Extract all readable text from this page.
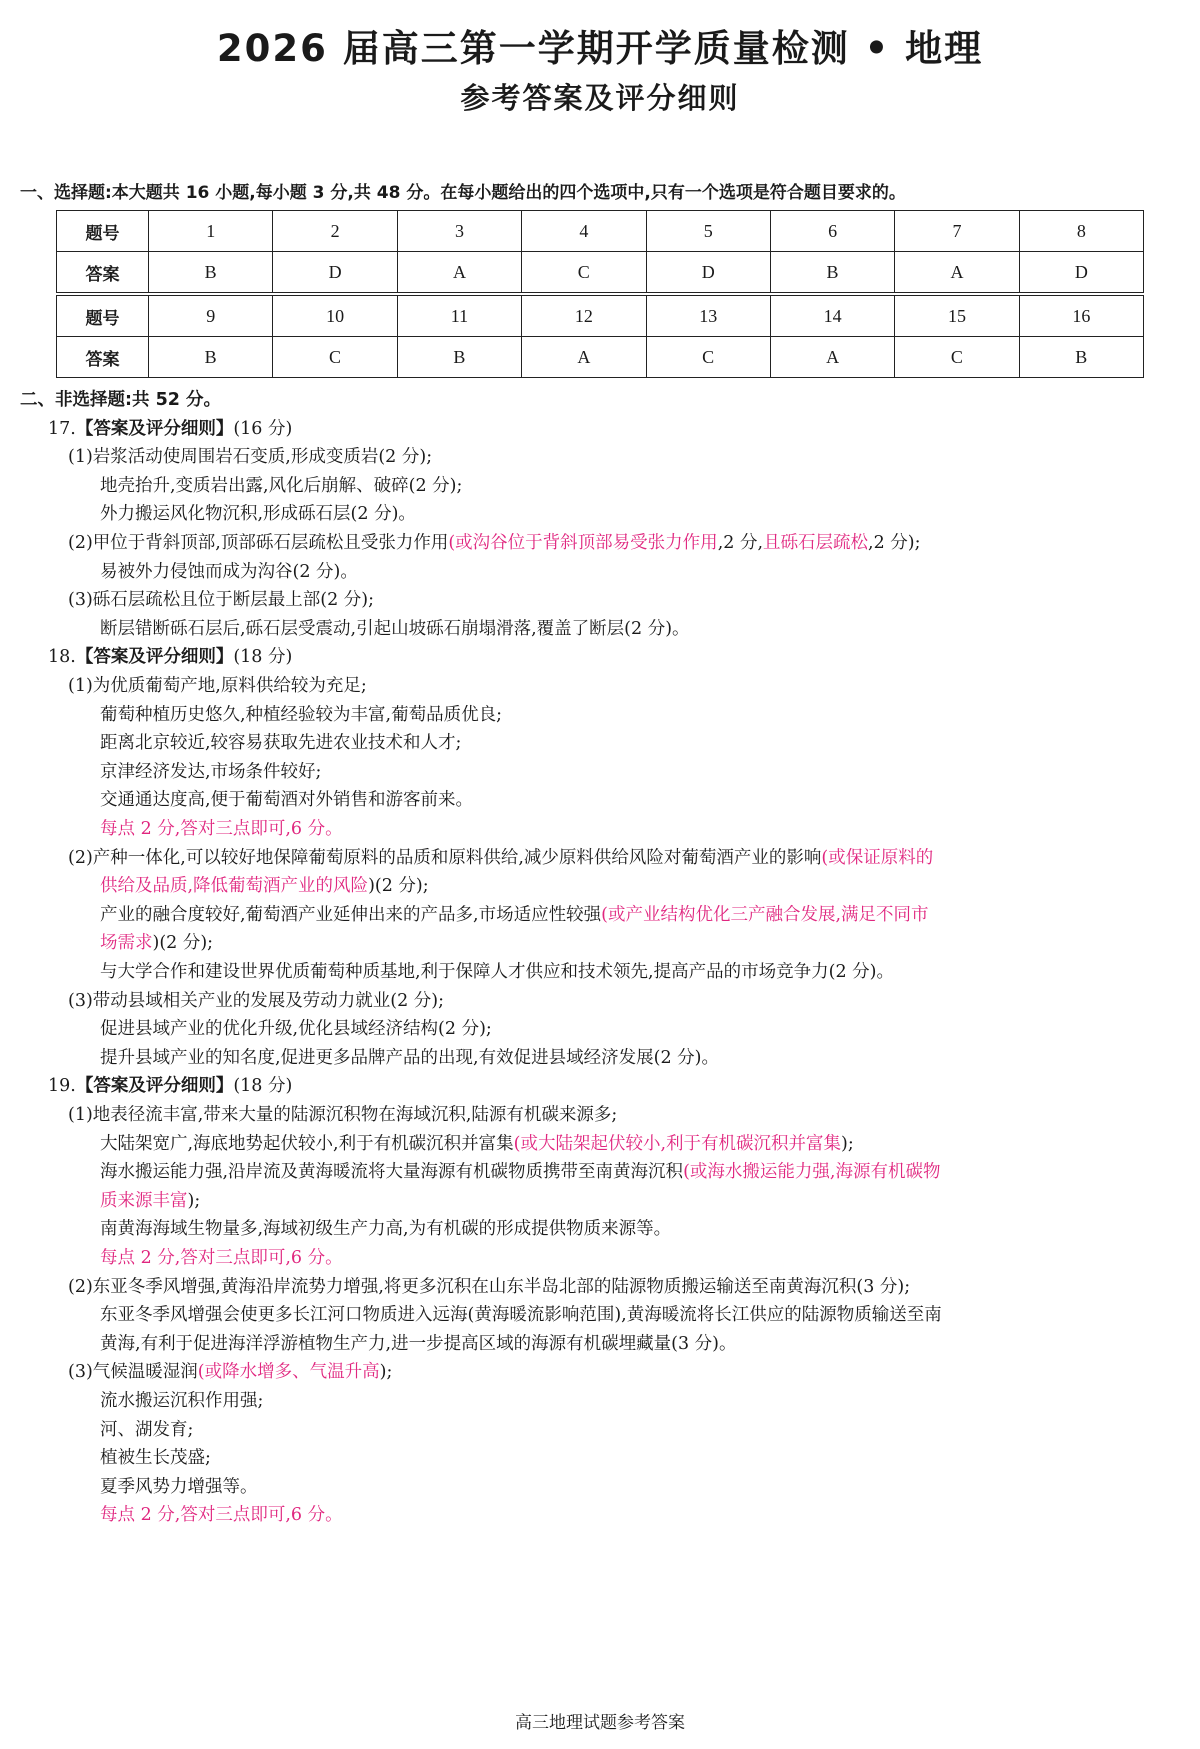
2026 届高三第一学期开学质量检测 • 地理
参考答案及评分细则
一、选择题:本大题共 16 小题,每小题 3 分,共 48 分。在每小题给出的四个选项中,只有一个选项是符合题目要求的。
题号	1	2	3	4	5	6	7	8
答案	B	D	A	C	D	B	A	D
题号	9	10	11	12	13	14	15	16
答案	B	C	B	A	C	A	C	B
二、非选择题:共 52 分。
17.【答案及评分细则】(16 分)
(1)岩浆活动使周围岩石变质,形成变质岩(2 分);
地壳抬升,变质岩出露,风化后崩解、破碎(2 分);
外力搬运风化物沉积,形成砾石层(2 分)。
(2)甲位于背斜顶部,顶部砾石层疏松且受张力作用(或沟谷位于背斜顶部易受张力作用,2 分,且砾石层疏松,2 分);
易被外力侵蚀而成为沟谷(2 分)。
(3)砾石层疏松且位于断层最上部(2 分);
断层错断砾石层后,砾石层受震动,引起山坡砾石崩塌滑落,覆盖了断层(2 分)。
18.【答案及评分细则】(18 分)
(1)为优质葡萄产地,原料供给较为充足;
葡萄种植历史悠久,种植经验较为丰富,葡萄品质优良;
距离北京较近,较容易获取先进农业技术和人才;
京津经济发达,市场条件较好;
交通通达度高,便于葡萄酒对外销售和游客前来。
每点 2 分,答对三点即可,6 分。
(2)产种一体化,可以较好地保障葡萄原料的品质和原料供给,减少原料供给风险对葡萄酒产业的影响(或保证原料的
供给及品质,降低葡萄酒产业的风险)(2 分);
产业的融合度较好,葡萄酒产业延伸出来的产品多,市场适应性较强(或产业结构优化三产融合发展,满足不同市
场需求)(2 分);
与大学合作和建设世界优质葡萄种质基地,利于保障人才供应和技术领先,提高产品的市场竞争力(2 分)。
(3)带动县域相关产业的发展及劳动力就业(2 分);
促进县域产业的优化升级,优化县域经济结构(2 分);
提升县域产业的知名度,促进更多品牌产品的出现,有效促进县域经济发展(2 分)。
19.【答案及评分细则】(18 分)
(1)地表径流丰富,带来大量的陆源沉积物在海域沉积,陆源有机碳来源多;
大陆架宽广,海底地势起伏较小,利于有机碳沉积并富集(或大陆架起伏较小,利于有机碳沉积并富集);
海水搬运能力强,沿岸流及黄海暖流将大量海源有机碳物质携带至南黄海沉积(或海水搬运能力强,海源有机碳物
质来源丰富);
南黄海海域生物量多,海域初级生产力高,为有机碳的形成提供物质来源等。
每点 2 分,答对三点即可,6 分。
(2)东亚冬季风增强,黄海沿岸流势力增强,将更多沉积在山东半岛北部的陆源物质搬运输送至南黄海沉积(3 分);
东亚冬季风增强会使更多长江河口物质进入远海(黄海暖流影响范围),黄海暖流将长江供应的陆源物质输送至南
黄海,有利于促进海洋浮游植物生产力,进一步提高区域的海源有机碳埋藏量(3 分)。
(3)气候温暖湿润(或降水增多、气温升高);
流水搬运沉积作用强;
河、湖发育;
植被生长茂盛;
夏季风势力增强等。
每点 2 分,答对三点即可,6 分。
高三地理试题参考答案
